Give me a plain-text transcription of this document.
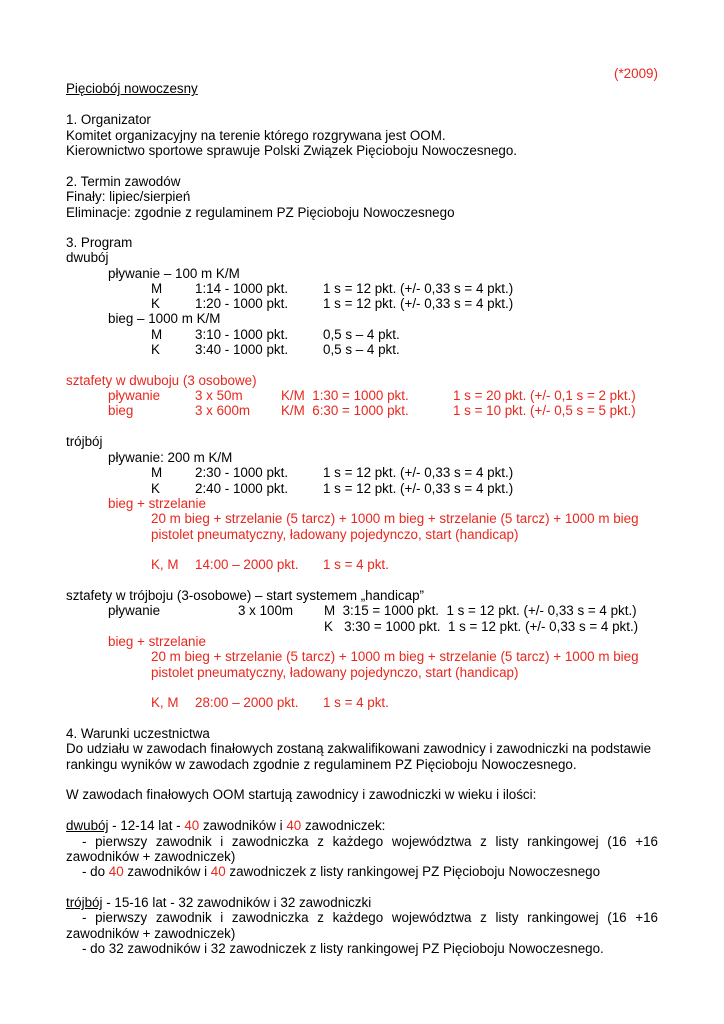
(*2009)
Pięciobój nowoczesny
1. Organizator
Komitet organizacyjny na terenie którego rozgrywana jest OOM.
Kierownictwo sportowe sprawuje Polski Związek Pięcioboju Nowoczesnego.
2. Termin zawodów
Finały: lipiec/sierpień
Eliminacje: zgodnie z regulaminem PZ Pięcioboju Nowoczesnego
3. Program
dwubój
pływanie – 100 m K/M
M 1:14 - 1000 pkt.	1 s = 12 pkt. (+/- 0,33 s = 4 pkt.)
K	1:20 - 1000 pkt.	1 s = 12 pkt. (+/- 0,33 s = 4 pkt.)
bieg – 1000 m K/M
M 3:10 - 1000 pkt.	0,5 s – 4 pkt.
K	3:40 - 1000 pkt.	0,5 s – 4 pkt.
sztafety w dwuboju (3 osobowe)
pływanie	3 x 50m	K/M  1:30 = 1000 pkt.	1 s = 20 pkt. (+/- 0,1 s = 2 pkt.)
bieg	3 x 600m K/M  6:30 = 1000 pkt.	1 s = 10 pkt. (+/- 0,5 s = 5 pkt.)
trójbój
pływanie: 200 m K/M
M 2:30 - 1000 pkt.	1 s = 12 pkt. (+/- 0,33 s = 4 pkt.)
K	2:40 - 1000 pkt.	1 s = 12 pkt. (+/- 0,33 s = 4 pkt.)
bieg + strzelanie
20 m bieg + strzelanie (5 tarcz) + 1000 m bieg + strzelanie (5 tarcz) + 1000 m bieg
pistolet pneumatyczny, ładowany pojedynczo, start (handicap)
K, M 14:00 – 2000 pkt. 1 s = 4 pkt.
sztafety w trójboju (3-osobowe) – start systemem „handicap”
pływanie	3 x 100m M  3:15 = 1000 pkt.  1 s = 12 pkt. (+/- 0,33 s = 4 pkt.)
K   3:30 = 1000 pkt.  1 s = 12 pkt. (+/- 0,33 s = 4 pkt.)
bieg + strzelanie
20 m bieg + strzelanie (5 tarcz) + 1000 m bieg + strzelanie (5 tarcz) + 1000 m bieg
pistolet pneumatyczny, ładowany pojedynczo, start (handicap)
K, M 28:00 – 2000 pkt. 1 s = 4 pkt.
4. Warunki uczestnictwa
Do udziału w zawodach finałowych zostaną zakwalifikowani zawodnicy i zawodniczki na podstawie
rankingu wyników w zawodach zgodnie z regulaminem PZ Pięcioboju Nowoczesnego.
W zawodach finałowych OOM startują zawodnicy i zawodniczki w wieku i ilości:
dwubój - 12-14 lat - 40 zawodników i 40 zawodniczek:
- pierwszy zawodnik i zawodniczka z każdego województwa z listy rankingowej (16 +16
zawodników + zawodniczek)
- do 40 zawodników i 40 zawodniczek z listy rankingowej PZ Pięcioboju Nowoczesnego
trójbój - 15-16 lat - 32 zawodników i 32 zawodniczki
- pierwszy zawodnik i zawodniczka z każdego województwa z listy rankingowej (16 +16
zawodników + zawodniczek)
- do 32 zawodników i 32 zawodniczek z listy rankingowej PZ Pięcioboju Nowoczesnego.
